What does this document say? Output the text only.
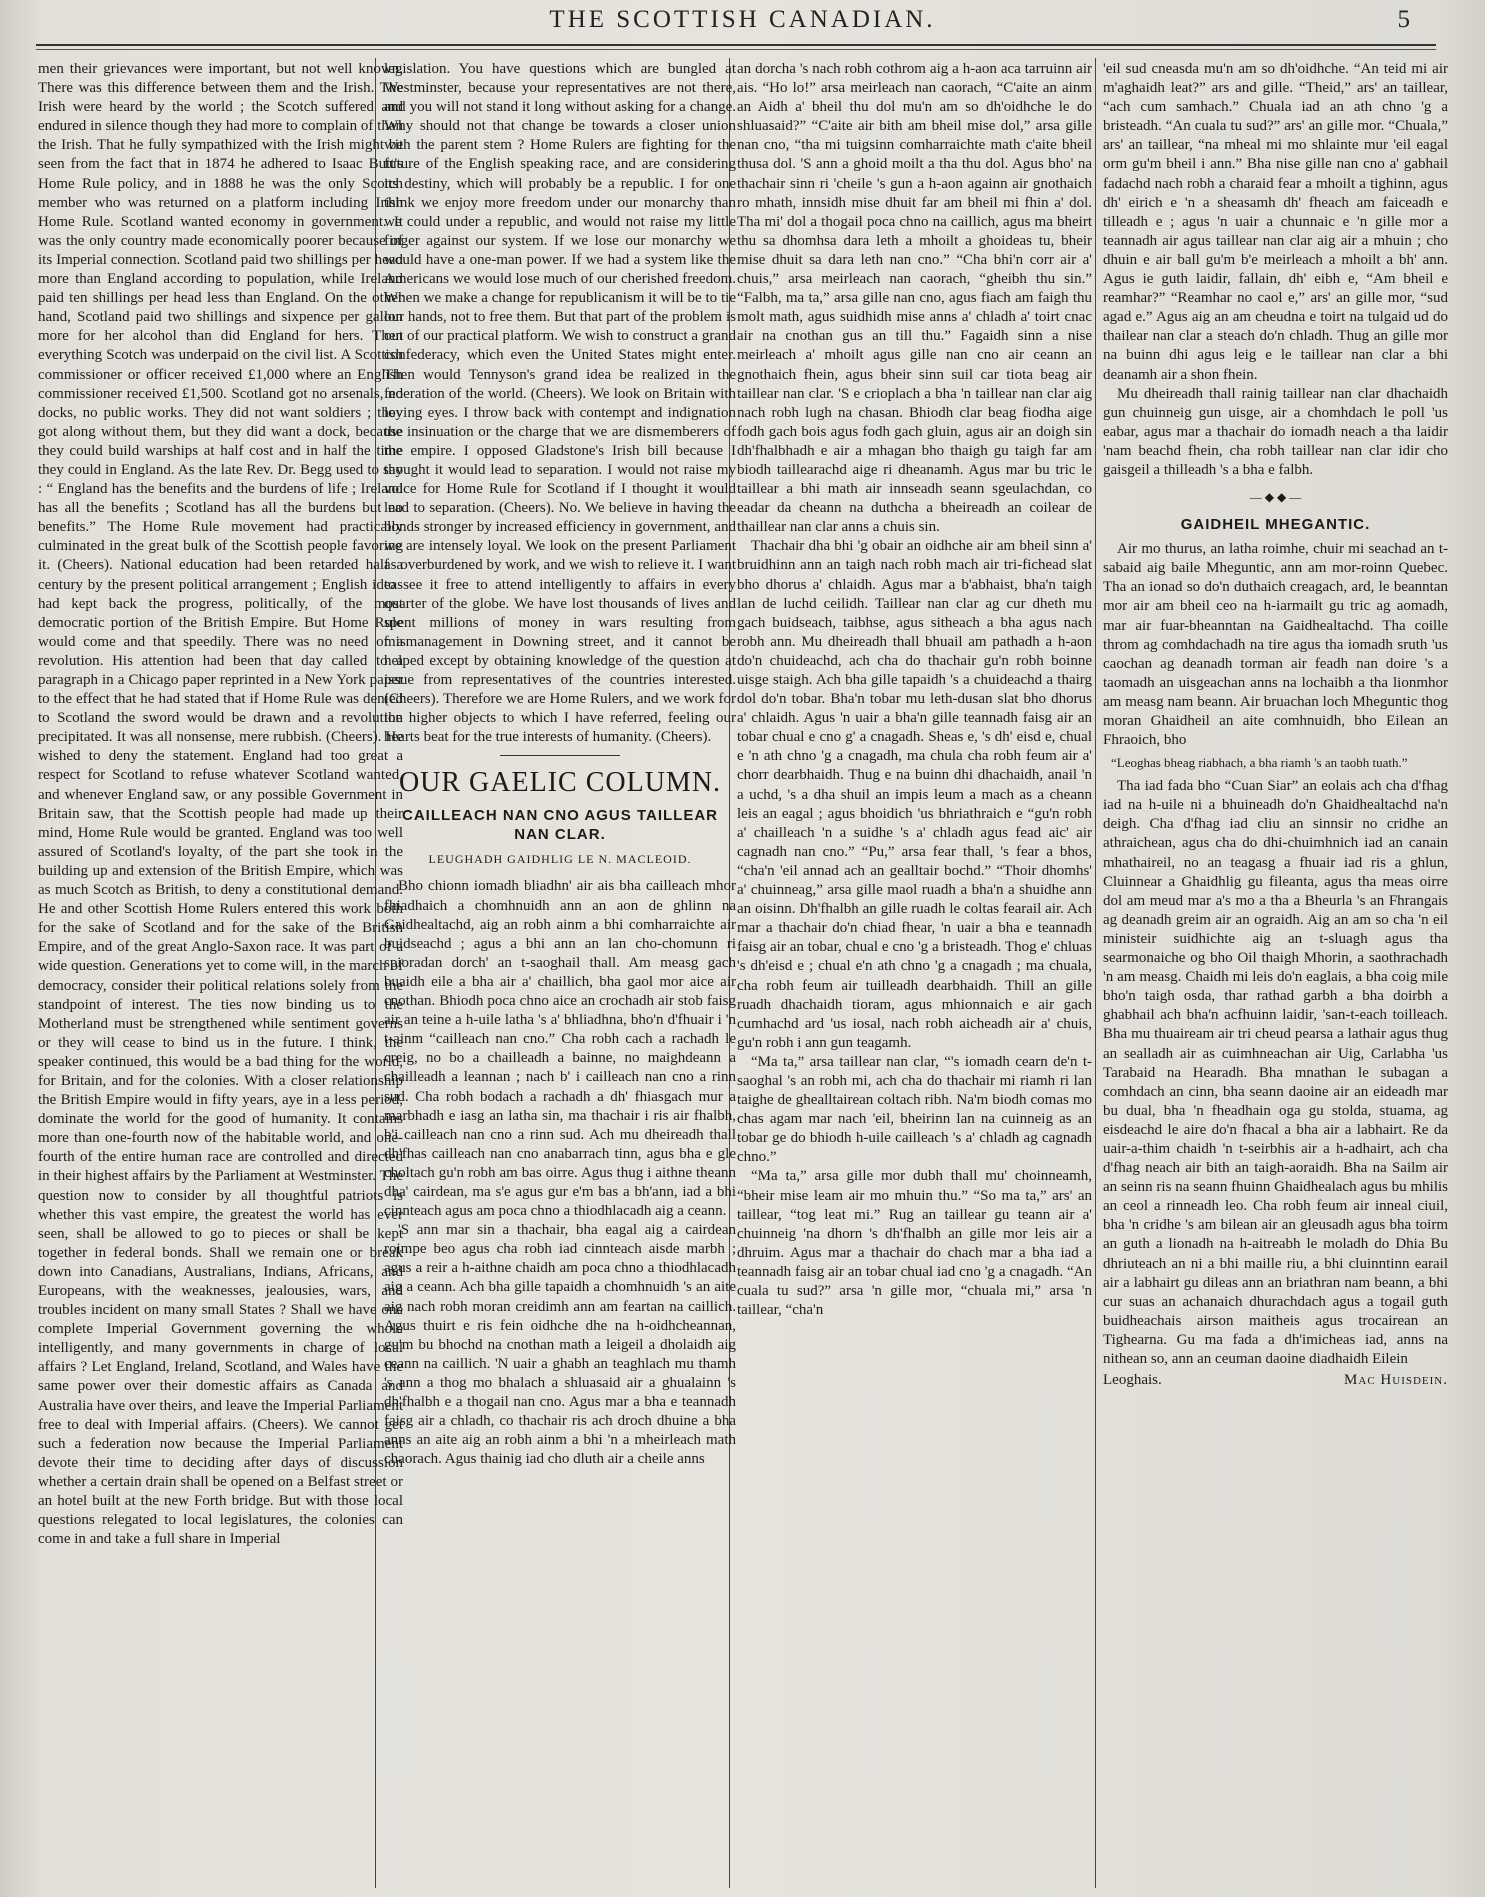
THE SCOTTISH CANADIAN.	5

men their grievances were important, but not well known. There was this difference between them and the Irish. The Irish were heard by the world ; the Scotch suffered and endured in silence though they had more to complain of than the Irish. That he fully sympathized with the Irish might be seen from the fact that in 1874 he adhered to Isaac Butt's Home Rule policy, and in 1888 he was the only Scotch member who was returned on a platform including Irish Home Rule. Scotland wanted economy in government. It was the only country made economically poorer because of its Imperial connection. Scotland paid two shillings per head more than England according to population, while Ireland paid ten shillings per head less than England. On the other hand, Scotland paid two shillings and sixpence per gallon more for her alcohol than did England for hers. Then everything Scotch was underpaid on the civil list. A Scottish commissioner or officer received £1,000 where an English commissioner received £1,500. Scotland got no arsenals, no docks, no public works. They did not want soldiers ; they got along without them, but they did want a dock, because they could build warships at half cost and in half the time they could in England. As the late Rev. Dr. Begg used to say : “ England has the benefits and the burdens of life ; Ireland has all the benefits ; Scotland has all the burdens but no benefits.” The Home Rule movement had practically culminated in the great bulk of the Scottish people favoring it. (Cheers). National education had been retarded half a century by the present political arrangement ; English ideas had kept back the progress, politically, of the most democratic portion of the British Empire. But Home Rule would come and that speedily. There was no need of a revolution. His attention had been that day called to a paragraph in a Chicago paper reprinted in a New York paper to the effect that he had stated that if Home Rule was denied to Scotland the sword would be drawn and a revolution precipitated. It was all nonsense, mere rubbish. (Cheers). He wished to deny the statement. England had too great a respect for Scotland to refuse whatever Scotland wanted, and whenever England saw, or any possible Government in Britain saw, that the Scottish people had made up their mind, Home Rule would be granted. England was too well assured of Scotland's loyalty, of the part she took in the building up and extension of the British Empire, which was as much Scotch as British, to deny a constitutional demand. He and other Scottish Home Rulers entered this work both for the sake of Scotland and for the sake of the British Empire, and of the great Anglo-Saxon race. It was part of a wide question. Generations yet to come will, in the march of democracy, consider their political relations solely from the standpoint of interest. The ties now binding us to the Motherland must be strengthened while sentiment governs or they will cease to bind us in the future. I think, the speaker continued, this would be a bad thing for the world, for Britain, and for the colonies. With a closer relationship the British Empire would in fifty years, aye in a less period, dominate the world for the good of humanity. It contains more than one-fourth now of the habitable world, and one-fourth of the entire human race are controlled and directed in their highest affairs by the Parliament at Westminster. The question now to consider by all thoughtful patriots is whether this vast empire, the greatest the world has ever seen, shall be allowed to go to pieces or shall be kept together in federal bonds. Shall we remain one or break down into Canadians, Australians, Indians, Africans, and Europeans, with the weaknesses, jealousies, wars, and troubles incident on many small States ? Shall we have one complete Imperial Government governing the whole intelligently, and many governments in charge of local affairs ? Let England, Ireland, Scotland, and Wales have the same power over their domestic affairs as Canada and Australia have over theirs, and leave the Imperial Parliament free to deal with Imperial affairs. (Cheers). We cannot get such a federation now because the Imperial Parliament devote their time to deciding after days of discussion whether a certain drain shall be opened on a Belfast street or an hotel built at the new Forth bridge. But with those local questions relegated to local legislatures, the colonies can come in and take a full share in Imperial

legislation. You have questions which are bungled at Westminster, because your representatives are not there, and you will not stand it long without asking for a change. Why should not that change be towards a closer union with the parent stem ? Home Rulers are fighting for the future of the English speaking race, and are considering its destiny, which will probably be a republic. I for one think we enjoy more freedom under our monarchy than we could under a republic, and would not raise my little finger against our system. If we lose our monarchy we would have a one-man power. If we had a system like the Americans we would lose much of our cherished freedom. When we make a change for republicanism it will be to tie our hands, not to free them. But that part of the problem is out of our practical platform. We wish to construct a grand confederacy, which even the United States might enter. Then would Tennyson's grand idea be realized in the federation of the world. (Cheers). We look on Britain with loving eyes. I throw back with contempt and indignation the insinuation or the charge that we are dismemberers of the empire. I opposed Gladstone's Irish bill because I thought it would lead to separation. I would not raise my voice for Home Rule for Scotland if I thought it would lead to separation. (Cheers). No. We believe in having the bonds stronger by increased efficiency in government, and we are intensely loyal. We look on the present Parliament as overburdened by work, and we wish to relieve it. I want to see it free to attend intelligently to affairs in every quarter of the globe. We have lost thousands of lives and spent millions of money in wars resulting from mismanagement in Downing street, and it cannot be helped except by obtaining knowledge of the question at issue from representatives of the countries interested. (Cheers). Therefore we are Home Rulers, and we work for the higher objects to which I have referred, feeling our hearts beat for the true interests of humanity. (Cheers).

OUR GAELIC COLUMN.
CAILLEACH NAN CNO AGUS TAILLEAR NAN CLAR.
LEUGHADH GAIDHLIG LE N. MACLEOID.

Bho chionn iomadh bliadhn' air ais bha cailleach mhor fhiadhaich a chomhnuidh ann an aon de ghlinn na Gaidhealtachd, aig an robh ainm a bhi comharraichte air buidseachd ; agus a bhi ann an lan cho-chomunn ri spioradan dorch' an t-saoghail thall. Am measg gach buaidh eile a bha air a' chaillich, bha gaol mor aice air cnothan. Bhiodh poca chno aice an crochadh air stob faisg air an teine a h-uile latha 's a' bhliadhna, bho'n d'fhuair i 'n t-ainm “cailleach nan cno.” Cha robh cach a rachadh le creig, no bo a chailleadh a bainne, no maighdeann a chailleadh a leannan ; nach b' i cailleach nan cno a rinn sud. Cha robh bodach a rachadh a dh' fhiasgach mur a marbhadh e iasg an latha sin, ma thachair i ris air fhalbh, b'i cailleach nan cno a rinn sud. Ach mu dheireadh thall dh'fhas cailleach nan cno anabarrach tinn, agus bha e gle choltach gu'n robh am bas oirre. Agus thug i aithne theann dha' cairdean, ma s'e agus gur e'm bas a bh'ann, iad a bhi cinnteach agus am poca chno a thiodhlacadh aig a ceann.

'S ann mar sin a thachair, bha eagal aig a cairdean roimpe beo agus cha robh iad cinnteach aisde marbh ; agus a reir a h-aithne chaidh am poca chno a thiodhlacadh aig a ceann. Ach bha gille tapaidh a chomhnuidh 's an aite aig nach robh moran creidimh ann am feartan na caillich. Agus thuirt e ris fein oidhche dhe na h-oidhcheannan, gu'm bu bhochd na cnothan math a leigeil a dholaidh aig ceann na caillich. 'N uair a ghabh an teaghlach mu thamh 's ann a thog mo bhalach a shluasaid air a ghualainn 's dh'fhalbh e a thogail nan cno. Agus mar a bha e teannadh faisg air a chladh, co thachair ris ach droch dhuine a bha anns an aite aig an robh ainm a bhi 'n a mheirleach math chaorach. Agus thainig iad cho dluth air a cheile anns

an dorcha 's nach robh cothrom aig a h-aon aca tarruinn air ais. “Ho lo!” arsa meirleach nan caorach, “C'aite an ainm an Aidh a' bheil thu dol mu'n am so dh'oidhche le do shluasaid?” “C'aite air bith am bheil mise dol,” arsa gille nan cno, “tha mi tuigsinn comharraichte math c'aite bheil thusa dol. 'S ann a ghoid moilt a tha thu dol. Agus bho' na thachair sinn ri 'cheile 's gun a h-aon againn air gnothaich ro mhath, innsidh mise dhuit far am bheil mi fhin a' dol. Tha mi' dol a thogail poca chno na caillich, agus ma bheirt thu sa dhomhsa dara leth a mhoilt a ghoideas tu, bheir mise dhuit sa dara leth nan cno.” “Cha bhi'n corr air a' chuis,” arsa meirleach nan caorach, “gheibh thu sin.” “Falbh, ma ta,” arsa gille nan cno, agus fiach am faigh thu molt math, agus suidhidh mise anns a' chladh a' toirt cnac air na cnothan gus an till thu.” Fagaidh sinn a nise meirleach a' mhoilt agus gille nan cno air ceann an gnothaich fhein, agus bheir sinn suil car tiota beag air taillear nan clar. 'S e crioplach a bha 'n taillear nan clar aig nach robh lugh na chasan. Bhiodh clar beag fiodha aige fodh gach bois agus fodh gach gluin, agus air an doigh sin dh'fhalbhadh e air a mhagan bho thaigh gu taigh far am biodh taillearachd aige ri dheanamh. Agus mar bu tric le taillear a bhi math air innseadh seann sgeulachdan, co eadar da cheann na duthcha a bheireadh an coilear de thaillear nan clar anns a chuis sin.

Thachair dha bhi 'g obair an oidhche air am bheil sinn a' bruidhinn ann an taigh nach robh mach air tri-fichead slat bho dhorus a' chlaidh. Agus mar a b'abhaist, bha'n taigh lan de luchd ceilidh. Taillear nan clar ag cur dheth mu gach buidseach, taibhse, agus sitheach a bha agus nach robh ann. Mu dheireadh thall bhuail am pathadh a h-aon do'n chuideachd, ach cha do thachair gu'n robh boinne uisge staigh. Ach bha gille tapaidh 's a chuideachd a thairg dol do'n tobar. Bha'n tobar mu leth-dusan slat bho dhorus a' chlaidh. Agus 'n uair a bha'n gille teannadh faisg air an tobar chual e cno g' a cnagadh. Sheas e, 's dh' eisd e, chual e 'n ath chno 'g a cnagadh, ma chula cha robh feum air a' chorr dearbhaidh. Thug e na buinn dhi dhachaidh, anail 'n a uchd, 's a dha shuil an impis leum a mach as a cheann leis an eagal ; agus bhoidich 'us bhriathraich e “gu'n robh a' chailleach 'n a suidhe 's a' chladh agus fead aic' air cagnadh nan cno.” “Pu,” arsa fear thall, 's fear a bhos, “cha'n 'eil annad ach an gealltair bochd.” “Thoir dhomhs' a' chuinneag,” arsa gille maol ruadh a bha'n a shuidhe ann an oisinn. Dh'fhalbh an gille ruadh le coltas fearail air. Ach mar a thachair do'n chiad fhear, 'n uair a bha e teannadh faisg air an tobar, chual e cno 'g a bristeadh. Thog e' chluas 's dh'eisd e ; chual e'n ath chno 'g a cnagadh ; ma chuala, cha robh feum air tuilleadh dearbhaidh. Thill an gille ruadh dhachaidh tioram, agus mhionnaich e air gach cumhachd ard 'us iosal, nach robh aicheadh air a' chuis, gu'n robh i ann gun teagamh.

“Ma ta,” arsa taillear nan clar, “'s iomadh cearn de'n t-saoghal 's an robh mi, ach cha do thachair mi riamh ri lan taighe de ghealltairean coltach ribh. Na'm biodh comas mo chas agam mar nach 'eil, bheirinn lan na cuinneig as an tobar ge do bhiodh h-uile cailleach 's a' chladh ag cagnadh chno.”

“Ma ta,” arsa gille mor dubh thall mu' choinneamh, “bheir mise leam air mo mhuin thu.” “So ma ta,” ars' an taillear, “tog leat mi.” Rug an taillear gu teann air a' chuinneig 'na dhorn 's dh'fhalbh an gille mor leis air a dhruim. Agus mar a thachair do chach mar a bha iad a teannadh faisg air an tobar chual iad cno 'g a cnagadh. “An cuala tu sud?” arsa 'n gille mor, “chuala mi,” arsa 'n taillear, “cha'n

'eil sud cneasda mu'n am so dh'oidhche. “An teid mi air m'aghaidh leat?” ars and gille. “Theid,” ars' an taillear, “ach cum samhach.” Chuala iad an ath chno 'g a bristeadh. “An cuala tu sud?” ars' an gille mor. “Chuala,” ars' an taillear, “na mheal mi mo shlainte mur 'eil eagal orm gu'm bheil i ann.” Bha nise gille nan cno a' gabhail fadachd nach robh a charaid fear a mhoilt a tighinn, agus dh' eirich e 'n a sheasamh dh' fheach am faiceadh e tilleadh e ; agus 'n uair a chunnaic e 'n gille mor a teannadh air agus taillear nan clar aig air a mhuin ; cho dhuin e air ball gu'm b'e meirleach a mhoilt a bh' ann. Agus ie guth laidir, fallain, dh' eibh e, “Am bheil e reamhar?” “Reamhar no caol e,” ars' an gille mor, “sud agad e.” Agus aig an am cheudna e toirt na tulgaid ud do thailear nan clar a steach do'n chladh. Thug an gille mor na buinn dhi agus leig e le taillear nan clar a bhi deanamh air a shon fhein.

Mu dheireadh thall rainig taillear nan clar dhachaidh gun chuinneig gun uisge, air a chomhdach le poll 'us eabar, agus mar a thachair do iomadh neach a tha laidir 'nam beachd fhein, cha robh taillear nan clar idir cho gaisgeil a thilleadh 's a bha e falbh.

— ◆ ◆ —
GAIDHEIL MHEGANTIC.

Air mo thurus, an latha roimhe, chuir mi seachad an t-sabaid aig baile Mheguntic, ann am mor-roinn Quebec. Tha an ionad so do'n duthaich creagach, ard, le beanntan mor air am bheil ceo na h-iarmailt gu tric ag aomadh, mar air fuar-bheanntan na Gaidhealtachd. Tha coille throm ag comhdachadh na tire agus tha iomadh sruth 'us caochan ag deanadh torman air feadh nan doire 's a taomadh an uisgeachan anns na lochaibh a tha lionmhor am measg nam beann. Air bruachan loch Mheguntic thog moran Ghaidheil an aite comhnuidh, bho Eilean an Fhraoich, bho

“Leoghas bheag riabhach, a bha riamh 's an taobh tuath.”

Tha iad fada bho “Cuan Siar” an eolais ach cha d'fhag iad na h-uile ni a bhuineadh do'n Ghaidhealtachd na'n deigh. Cha d'fhag iad cliu an sinnsir no cridhe an athraichean, agus cha do dhi-chuimhnich iad an canain mhathaireil, no an teagasg a fhuair iad ris a ghlun, Cluinnear a Ghaidhlig gu fileanta, agus tha meas oirre dol am meud mar a's mo a tha a Bheurla 's an Fhrangais ag deanadh greim air an ograidh. Aig an am so cha 'n eil ministeir suidhichte aig an t-sluagh agus tha searmonaiche og bho Oil thaigh Mhorin, a saothrachadh 'n am measg. Chaidh mi leis do'n eaglais, a bha coig mile bho'n taigh osda, thar rathad garbh a bha doirbh a ghabhail ach bha'n acfhuinn laidir, 'san-t-each toilleach. Bha mu thuaiream air tri cheud pearsa a lathair agus thug an sealladh air as cuimhneachan air Uig, Carlabha 'us Tarabaid na Hearadh. Bha mnathan le subagan a comhdach an cinn, bha seann daoine air an eideadh mar bu dual, bha 'n fheadhain oga gu stolda, stuama, ag eisdeachd le aire do'n fhacal a bha air a labhairt. Re da uair-a-thim chaidh 'n t-seirbhis air a h-adhairt, ach cha d'fhag neach air bith an taigh-aoraidh. Bha na Sailm air an seinn ris na seann fhuinn Ghaidhealach agus bu mhilis an ceol a rinneadh leo. Cha robh feum air inneal ciuil, bha 'n cridhe 's am bilean air an gleusadh agus bha toirm an guth a lionadh na h-aitreabh le moladh do Dhia Bu dhriuteach an ni a bhi maille riu, a bhi cluinntinn earail air a labhairt gu dileas ann an briathran nam beann, a bhi cur suas an achanaich dhurachdach agus a togail guth buidheachais airson maitheis agus trocairean an Tighearna. Gu ma fada a dh'imicheas iad, anns na nithean so, ann an ceuman daoine diadhaidh Eilein

Leoghais.	Mac Huisdein.
